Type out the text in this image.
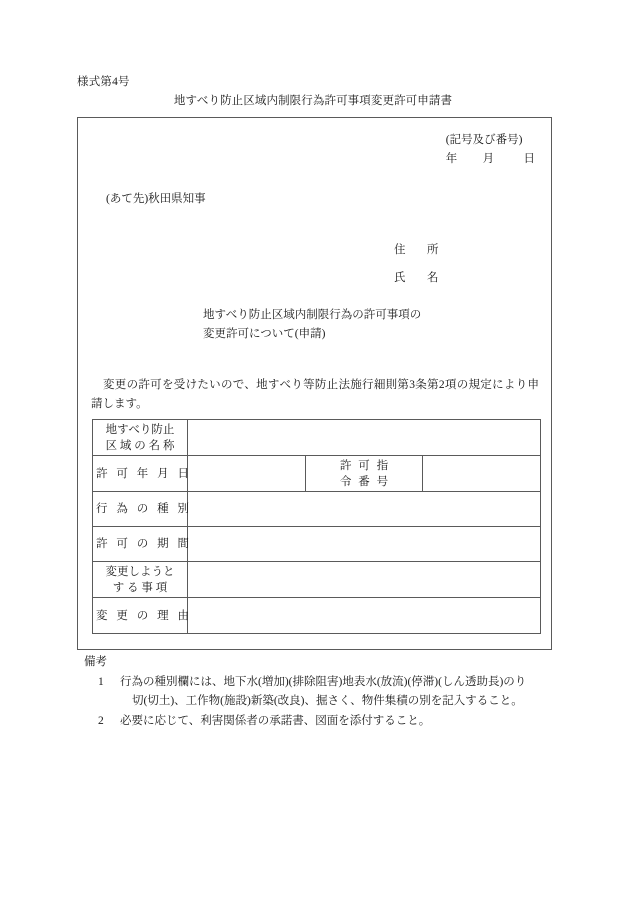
様式第4号
地すべり防止区域内制限行為許可事項変更許可申請書
(記号及び番号)
年 月	日
(あて先)秋田県知事
住　所
氏　名
地すべり防止区域内制限行為の許可事項の
変更許可について(申請)
変更の許可を受けたいので、地すべり等防止法施行細則第3条第2項の規定により申請します。
地すべり防止
区 域 の 名 称			

許 可 年 月 日		許 可 指
令 番 号	

行 為 の 種 別			

許 可 の 期 間			

変更しようと
す る 事 項			

変 更 の 理 由			

備考
1	行為の種別欄には、地下水(増加)(排除阻害)地表水(放流)(停滞)(しん透助長)のり
切(切土)、工作物(施設)新築(改良)、掘さく、物件集積の別を記入すること。
2	必要に応じて、利害関係者の承諾書、図面を添付すること。
